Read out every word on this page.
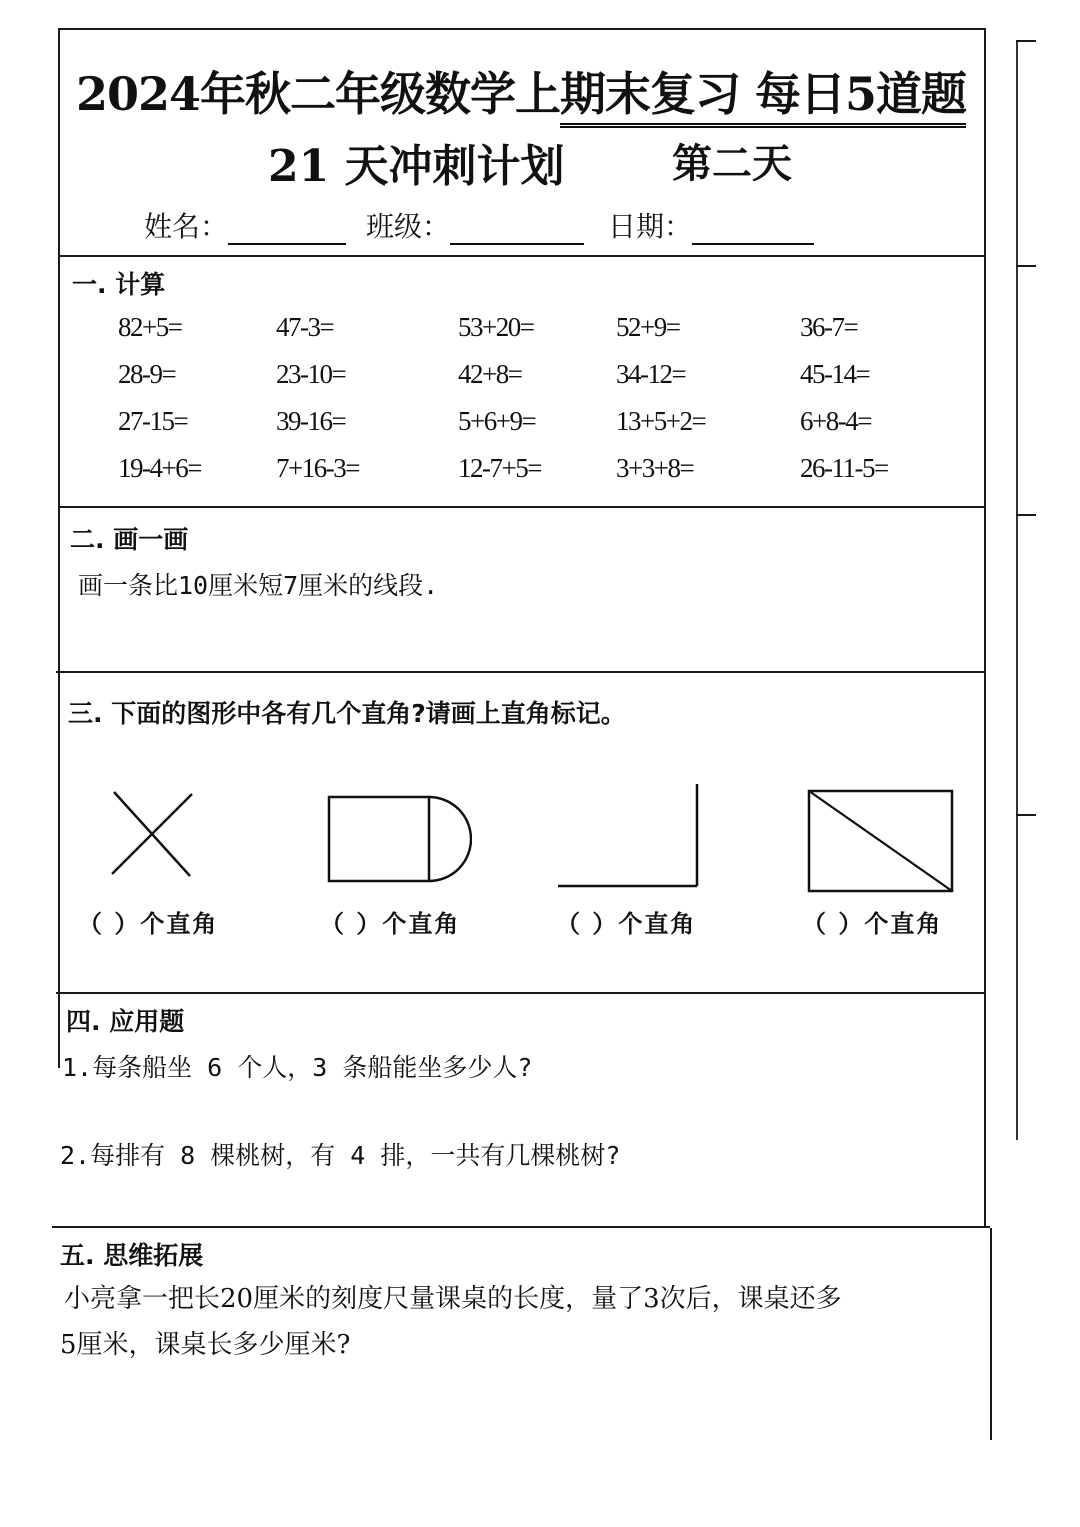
2024年秋二年级数学上期末复习 每日5道题
21 天冲刺计划	第二天
姓名：	班级：	日期：
一. 计算
82+5=	47-3=	53+20=	52+9=	36-7=
28-9=	23-10=	42+8=	34-12=	45-14=
27-15=	39-16=	5+6+9=	13+5+2=	6+8-4=
19-4+6=	7+16-3=	12-7+5=	3+3+8=	26-11-5=
二. 画一画
画一条比10厘米短7厘米的线段.
三. 下面的图形中各有几个直角?请画上直角标记。
（ ）个直角	（ ）个直角	（ ）个直角	（ ）个直角
四. 应用题
1.每条船坐 6 个人，3 条船能坐多少人?
2.每排有 8 棵桃树，有 4 排，一共有几棵桃树?
五. 思维拓展
小亮拿一把长20厘米的刻度尺量课桌的长度，量了3次后，课桌还多
5厘米，课桌长多少厘米?
